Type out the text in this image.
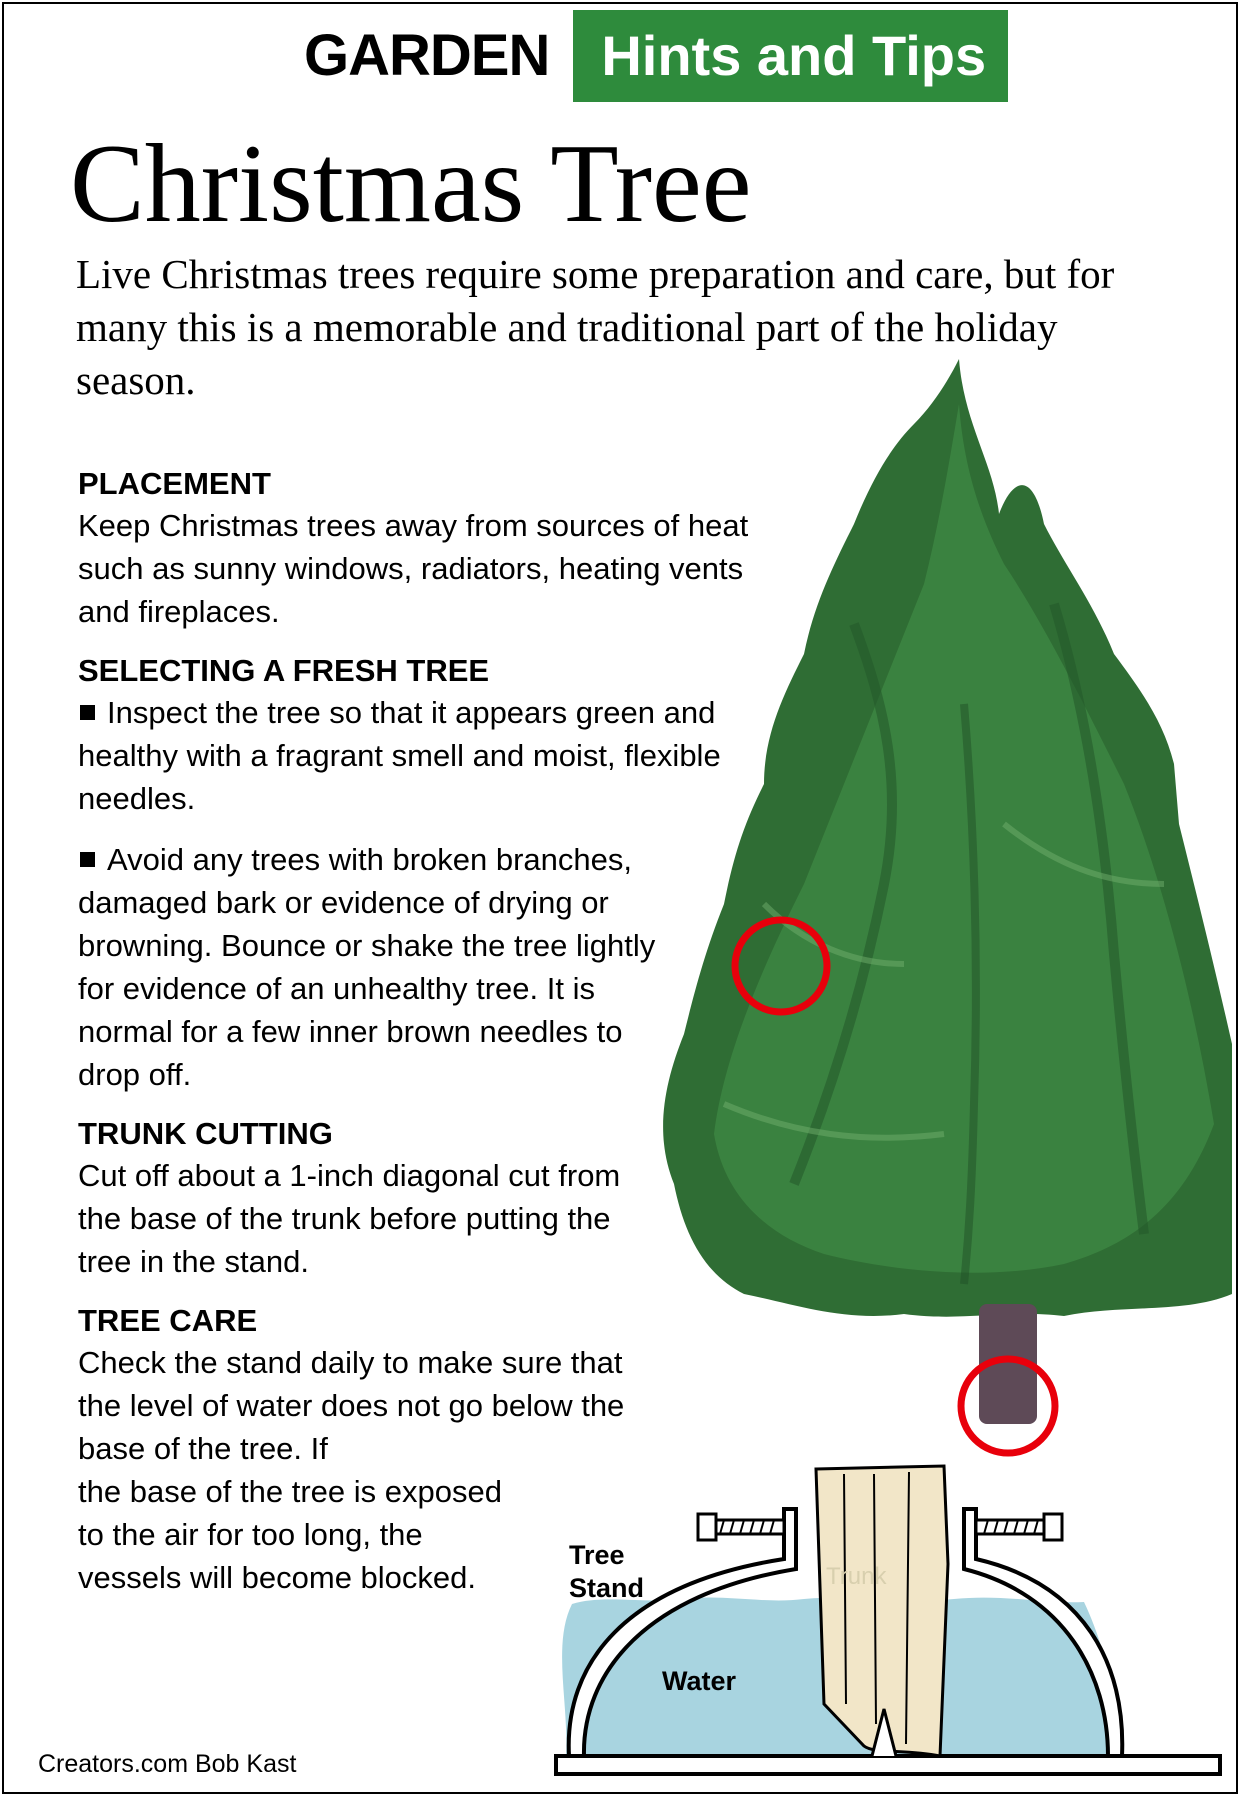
GARDEN Hints and Tips
Christmas Tree
Live Christmas trees require some preparation and care, but for many this is a memorable and traditional part of the holiday season.
Tree Stand
Water
Trunk

PLACEMENT

Keep Christmas trees away from sources of heat such as sunny windows, radiators, heating vents and fireplaces.

SELECTING A FRESH TREE

Inspect the tree so that it appears green and healthy with a fragrant smell and moist, flexible needles.

Avoid any trees with broken branches, damaged bark or evidence of drying or browning. Bounce or shake the tree lightly for evidence of an unhealthy tree. It is normal for a few inner brown needles to drop off.

TRUNK CUTTING

Cut off about a 1-inch diagonal cut from the base of the trunk before putting the tree in the stand.

TREE CARE

Check the stand daily to make sure that the level of water does not go below the base of the tree. If
the base of the tree is exposed to the air for too long, the vessels will become blocked.

Creators.com Bob Kast
